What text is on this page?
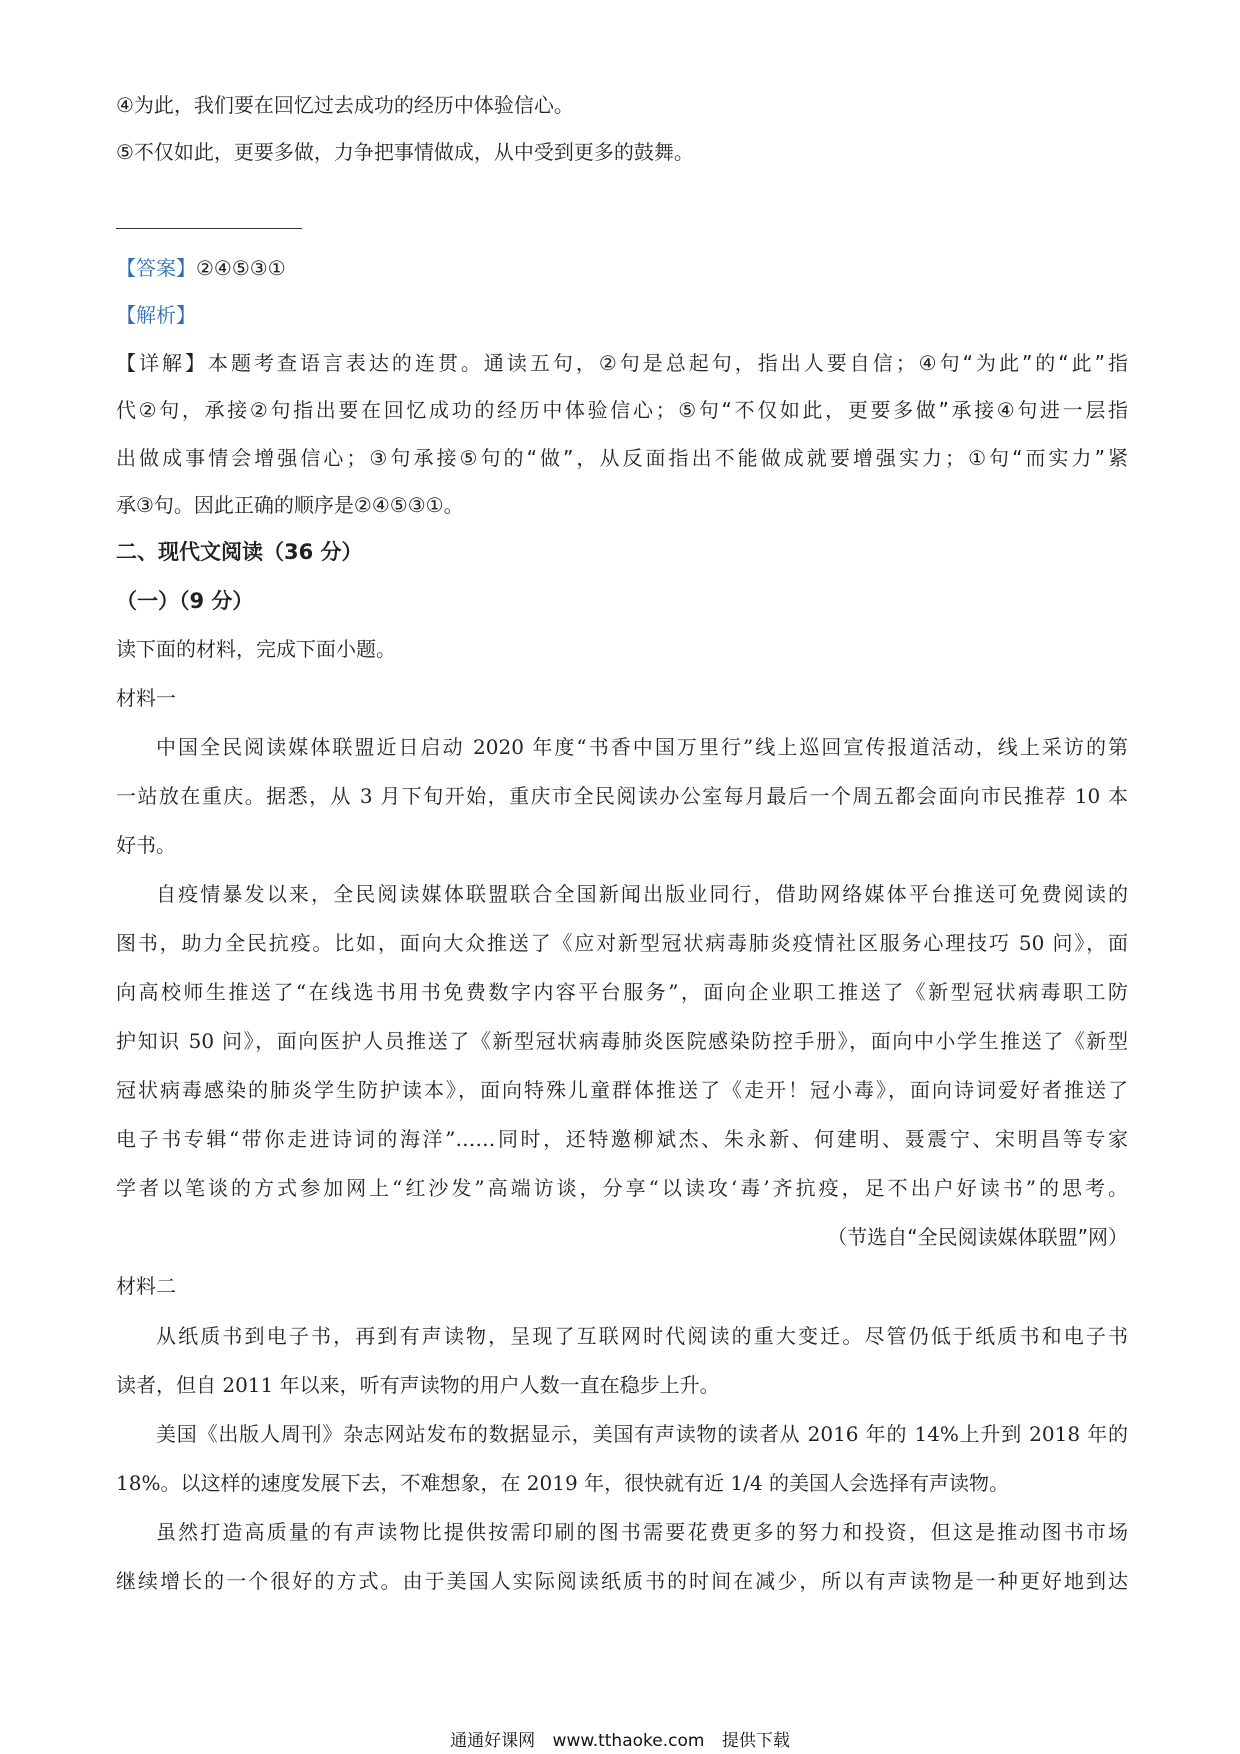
④为此，我们要在回忆过去成功的经历中体验信心。
⑤不仅如此，更要多做，力争把事情做成，从中受到更多的鼓舞。
【答案】②④⑤③①
【解析】
【详解】本题考查语言表达的连贯。通读五句，②句是总起句，指出人要自信；④句“为此”的“此”指
代②句，承接②句指出要在回忆成功的经历中体验信心；⑤句“不仅如此，更要多做”承接④句进一层指
出做成事情会增强信心；③句承接⑤句的“做”，从反面指出不能做成就要增强实力；①句“而实力”紧
承③句。因此正确的顺序是②④⑤③①。
二、现代文阅读（36 分）
（一）（9 分）
读下面的材料，完成下面小题。
材料一
中国全民阅读媒体联盟近日启动 2020 年度“书香中国万里行”线上巡回宣传报道活动，线上采访的第
一站放在重庆。据悉，从 3 月下旬开始，重庆市全民阅读办公室每月最后一个周五都会面向市民推荐 10 本
好书。
自疫情暴发以来，全民阅读媒体联盟联合全国新闻出版业同行，借助网络媒体平台推送可免费阅读的
图书，助力全民抗疫。比如，面向大众推送了《应对新型冠状病毒肺炎疫情社区服务心理技巧 50 问》，面
向高校师生推送了“在线选书用书免费数字内容平台服务”，面向企业职工推送了《新型冠状病毒职工防
护知识 50 问》，面向医护人员推送了《新型冠状病毒肺炎医院感染防控手册》，面向中小学生推送了《新型
冠状病毒感染的肺炎学生防护读本》，面向特殊儿童群体推送了《走开！冠小毒》，面向诗词爱好者推送了
电子书专辑“带你走进诗词的海洋”……同时，还特邀柳斌杰、朱永新、何建明、聂震宁、宋明昌等专家
学者以笔谈的方式参加网上“红沙发”高端访谈，分享“以读攻‘毒’齐抗疫，足不出户好读书”的思考。
（节选自“全民阅读媒体联盟”网）
材料二
从纸质书到电子书，再到有声读物，呈现了互联网时代阅读的重大变迁。尽管仍低于纸质书和电子书
读者，但自 2011 年以来，听有声读物的用户人数一直在稳步上升。
美国《出版人周刊》杂志网站发布的数据显示，美国有声读物的读者从 2016 年的 14%上升到 2018 年的
18%。以这样的速度发展下去，不难想象，在 2019 年，很快就有近 1/4 的美国人会选择有声读物。
虽然打造高质量的有声读物比提供按需印刷的图书需要花费更多的努力和投资，但这是推动图书市场
继续增长的一个很好的方式。由于美国人实际阅读纸质书的时间在减少，所以有声读物是一种更好地到达
通通好课网 www.tthaoke.com 提供下载
